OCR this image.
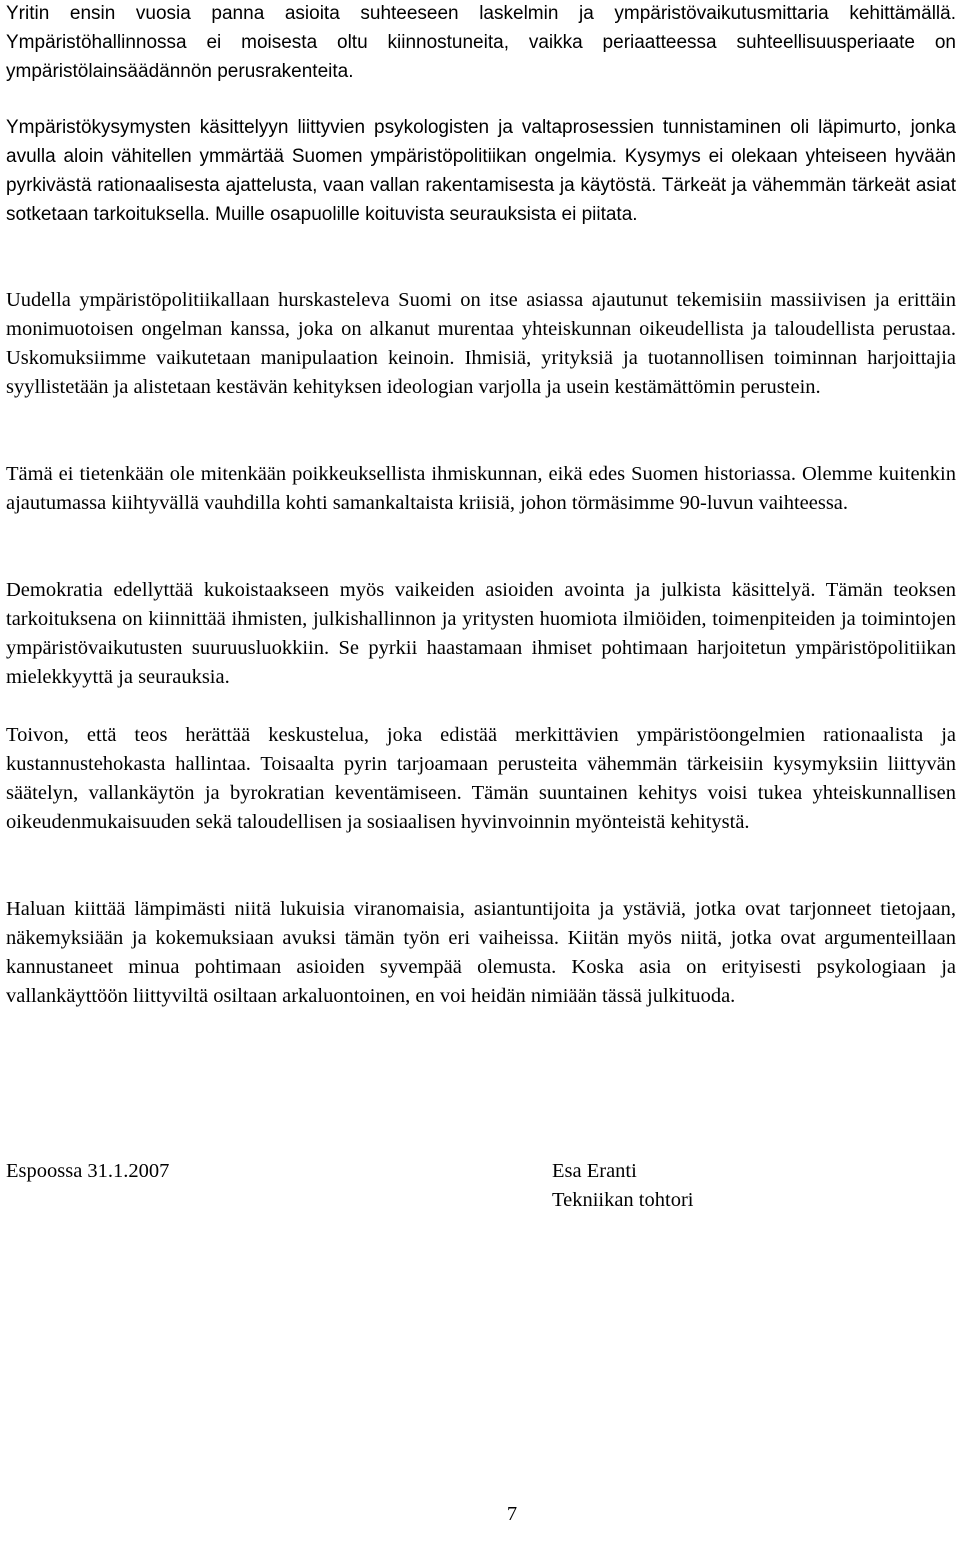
Yritin ensin vuosia panna asioita suhteeseen laskelmin ja ympäristövaikutusmittaria kehittämällä. Ympäristöhallinnossa ei moisesta oltu kiinnostuneita, vaikka periaatteessa suhteellisuusperiaate on ympäristölainsäädännön perusrakenteita.

Ympäristökysymysten käsittelyyn liittyvien psykologisten ja valtaprosessien tunnistaminen oli läpimurto, jonka avulla aloin vähitellen ymmärtää Suomen ympäristöpolitiikan ongelmia. Kysymys ei olekaan yhteiseen hyvään pyrkivästä rationaalisesta ajattelusta, vaan vallan rakentamisesta ja käytöstä. Tärkeät ja vähemmän tärkeät asiat sotketaan tarkoituksella. Muille osapuolille koituvista seurauksista ei piitata.

Uudella ympäristöpolitiikallaan hurskasteleva Suomi on itse asiassa ajautunut tekemisiin massiivisen ja erittäin monimuotoisen ongelman kanssa, joka on alkanut murentaa yhteiskunnan oikeudellista ja taloudellista perustaa. Uskomuksiimme vaikutetaan manipulaation keinoin. Ihmisiä, yrityksiä ja tuotannollisen toiminnan harjoittajia syyllistetään ja alistetaan kestävän kehityksen ideologian varjolla ja usein kestämättömin perustein.

Tämä ei tietenkään ole mitenkään poikkeuksellista ihmiskunnan, eikä edes Suomen historiassa. Olemme kuitenkin ajautumassa kiihtyvällä vauhdilla kohti samankaltaista kriisiä, johon törmäsimme 90-luvun vaihteessa.

Demokratia edellyttää kukoistaakseen myös vaikeiden asioiden avointa ja julkista käsittelyä. Tämän teoksen tarkoituksena on kiinnittää ihmisten, julkishallinnon ja yritysten huomiota ilmiöiden, toimenpiteiden ja toimintojen ympäristövaikutusten suuruusluokkiin. Se pyrkii haastamaan ihmiset pohtimaan harjoitetun ympäristöpolitiikan mielekkyyttä ja seurauksia.

Toivon, että teos herättää keskustelua, joka edistää merkittävien ympäristöongelmien rationaalista ja kustannustehokasta hallintaa. Toisaalta pyrin tarjoamaan perusteita vähemmän tärkeisiin kysymyksiin liittyvän säätelyn, vallankäytön ja byrokratian keventämiseen. Tämän suuntainen kehitys voisi tukea yhteiskunnallisen oikeudenmukaisuuden sekä taloudellisen ja sosiaalisen hyvinvoinnin myönteistä kehitystä.

Haluan kiittää lämpimästi niitä lukuisia viranomaisia, asiantuntijoita ja ystäviä, jotka ovat tarjonneet tietojaan, näkemyksiään ja kokemuksiaan avuksi tämän työn eri vaiheissa. Kiitän myös niitä, jotka ovat argumenteillaan kannustaneet minua pohtimaan asioiden syvempää olemusta. Koska asia on erityisesti psykologiaan ja vallankäyttöön liittyviltä osiltaan arkaluontoinen, en voi heidän nimiään tässä julkituoda.

Espoossa 31.1.2007	Esa Eranti
Tekniikan tohtori
7
